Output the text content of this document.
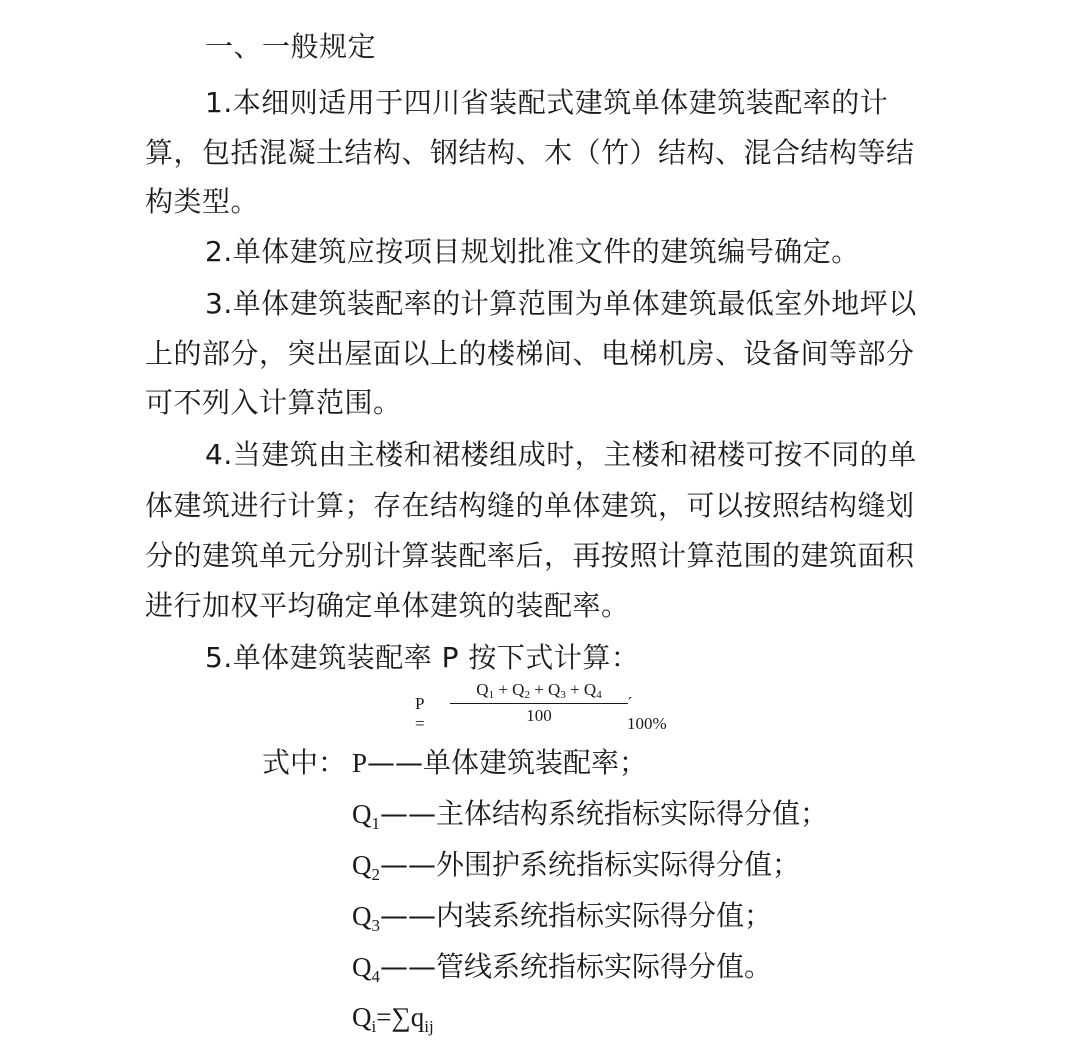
一、一般规定
1.本细则适用于四川省装配式建筑单体建筑装配率的计
算，包括混凝土结构、钢结构、木（竹）结构、混合结构等结
构类型。
2.单体建筑应按项目规划批准文件的建筑编号确定。
3.单体建筑装配率的计算范围为单体建筑最低室外地坪以
上的部分，突出屋面以上的楼梯间、电梯机房、设备间等部分
可不列入计算范围。
4.当建筑由主楼和裙楼组成时，主楼和裙楼可按不同的单
体建筑进行计算；存在结构缝的单体建筑，可以按照结构缝划
分的建筑单元分别计算装配率后，再按照计算范围的建筑面积
进行加权平均确定单体建筑的装配率。
5.单体建筑装配率 P 按下式计算：
$P = \frac{Q1 + Q2 + Q3 + Q4}{100}$ ´ 100%
式中： P——单体建筑装配率；
$Q_1——$主体结构系统指标实际得分值；
$Q_2——$外围护系统指标实际得分值；
$Q_3——$内装系统指标实际得分值；
$Q_4——$管线系统指标实际得分值。
$Q_i=\sum q_{ij}$
